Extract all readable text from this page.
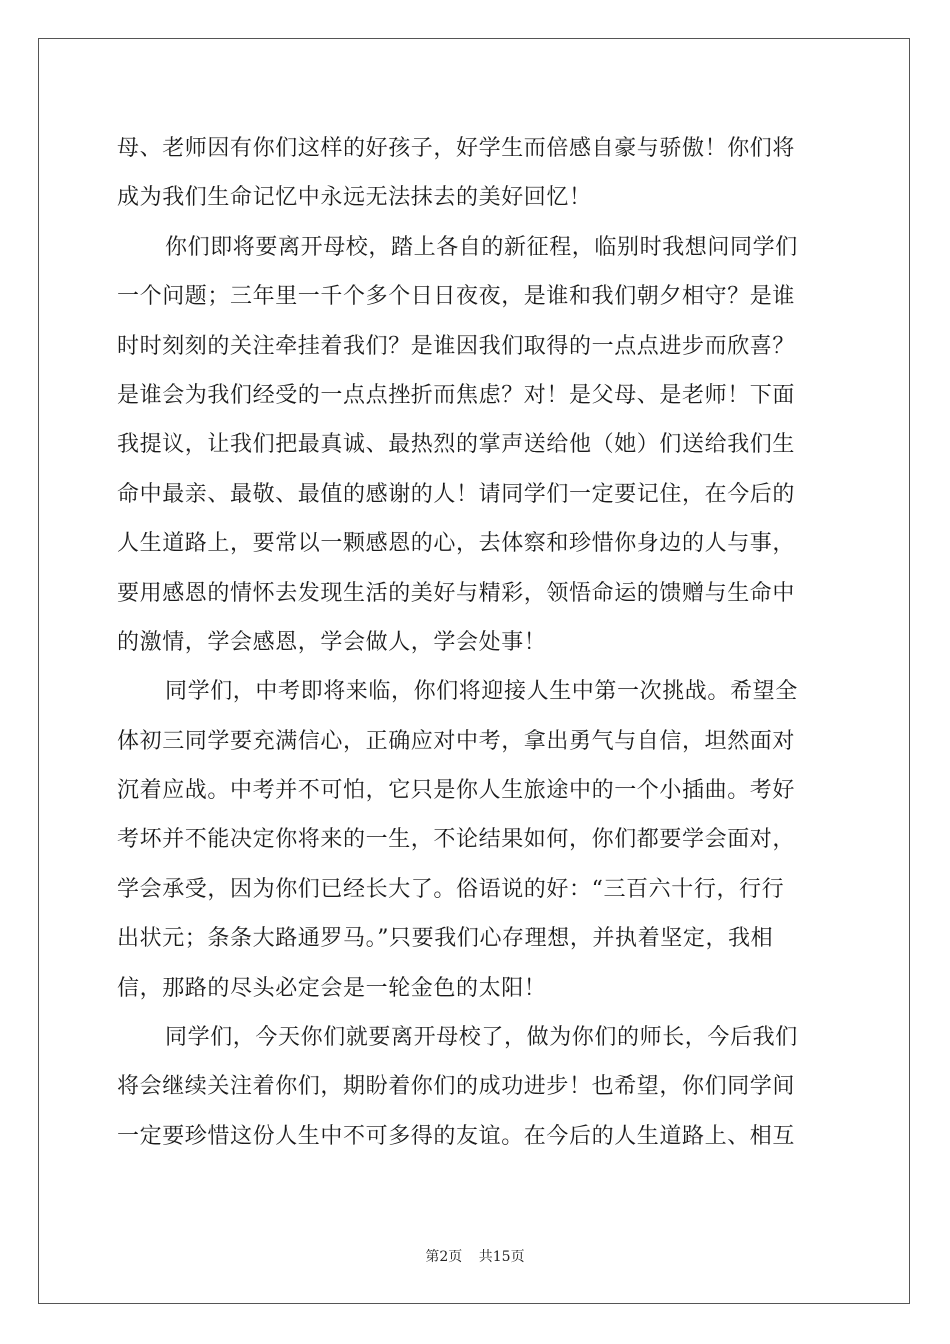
母、老师因有你们这样的好孩子，好学生而倍感自豪与骄傲！你们将
成为我们生命记忆中永远无法抹去的美好回忆！
你们即将要离开母校，踏上各自的新征程，临别时我想问同学们
一个问题；三年里一千个多个日日夜夜，是谁和我们朝夕相守？是谁
时时刻刻的关注牵挂着我们？是谁因我们取得的一点点进步而欣喜？
是谁会为我们经受的一点点挫折而焦虑？对！是父母、是老师！下面
我提议，让我们把最真诚、最热烈的掌声送给他（她）们送给我们生
命中最亲、最敬、最值的感谢的人！请同学们一定要记住，在今后的
人生道路上，要常以一颗感恩的心，去体察和珍惜你身边的人与事，
要用感恩的情怀去发现生活的美好与精彩，领悟命运的馈赠与生命中
的激情，学会感恩，学会做人，学会处事！
同学们，中考即将来临，你们将迎接人生中第一次挑战。希望全
体初三同学要充满信心，正确应对中考，拿出勇气与自信，坦然面对
沉着应战。中考并不可怕，它只是你人生旅途中的一个小插曲。考好
考坏并不能决定你将来的一生，不论结果如何，你们都要学会面对，
学会承受，因为你们已经长大了。俗语说的好：“三百六十行，行行
出状元；条条大路通罗马。”只要我们心存理想，并执着坚定，我相
信，那路的尽头必定会是一轮金色的太阳！
同学们，今天你们就要离开母校了，做为你们的师长，今后我们
将会继续关注着你们，期盼着你们的成功进步！也希望，你们同学间
一定要珍惜这份人生中不可多得的友谊。在今后的人生道路上、相互
第2页 共15页
